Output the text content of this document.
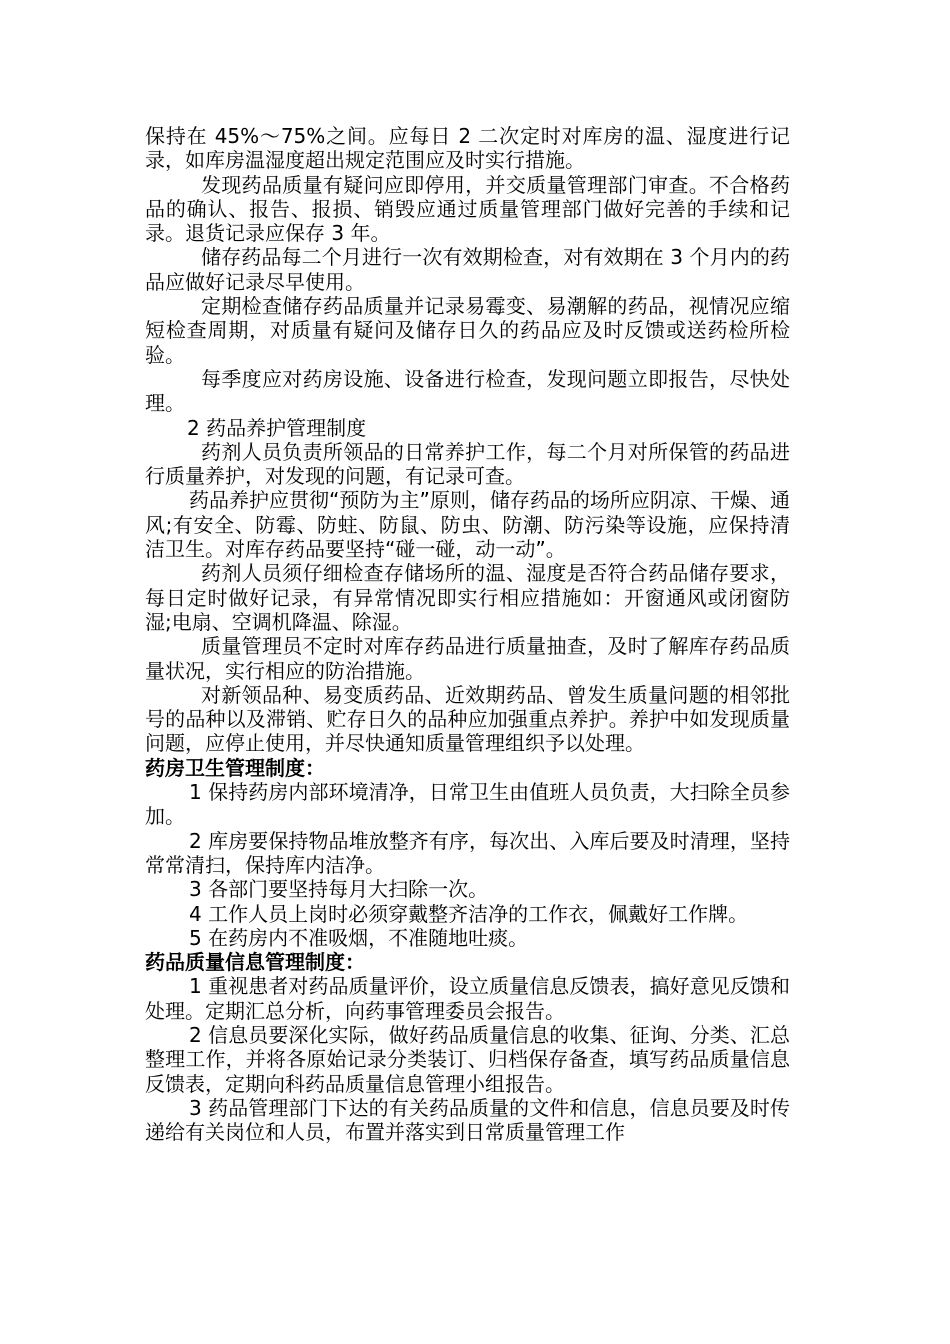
保持在 45%～75%之间。应每日 2 二次定时对库房的温、湿度进行记录，如库房温湿度超出规定范围应及时实行措施。

发现药品质量有疑问应即停用，并交质量管理部门审查。不合格药品的确认、报告、报损、销毁应通过质量管理部门做好完善的手续和记录。退货记录应保存 3 年。

储存药品每二个月进行一次有效期检查，对有效期在 3 个月内的药品应做好记录尽早使用。

定期检查储存药品质量并记录易霉变、易潮解的药品，视情况应缩短检查周期，对质量有疑问及储存日久的药品应及时反馈或送药检所检验。

每季度应对药房设施、设备进行检查，发现问题立即报告，尽快处理。

2 药品养护管理制度

药剂人员负责所领品的日常养护工作，每二个月对所保管的药品进行质量养护，对发现的问题，有记录可查。

药品养护应贯彻“预防为主”原则，储存药品的场所应阴凉、干燥、通风;有安全、防霉、防蛀、防鼠、防虫、防潮、防污染等设施，应保持清洁卫生。对库存药品要坚持“碰一碰，动一动”。

药剂人员须仔细检查存储场所的温、湿度是否符合药品储存要求，每日定时做好记录，有异常情况即实行相应措施如：开窗通风或闭窗防湿;电扇、空调机降温、除湿。

质量管理员不定时对库存药品进行质量抽查，及时了解库存药品质量状况，实行相应的防治措施。

对新领品种、易变质药品、近效期药品、曾发生质量问题的相邻批号的品种以及滞销、贮存日久的品种应加强重点养护。养护中如发现质量问题，应停止使用，并尽快通知质量管理组织予以处理。

药房卫生管理制度：

1 保持药房内部环境清净，日常卫生由值班人员负责，大扫除全员参加。

2 库房要保持物品堆放整齐有序，每次出、入库后要及时清理，坚持常常清扫，保持库内洁净。

3 各部门要坚持每月大扫除一次。

4 工作人员上岗时必须穿戴整齐洁净的工作衣，佩戴好工作牌。

5 在药房内不准吸烟，不准随地吐痰。

药品质量信息管理制度：

1 重视患者对药品质量评价，设立质量信息反馈表，搞好意见反馈和处理。定期汇总分析，向药事管理委员会报告。

2 信息员要深化实际，做好药品质量信息的收集、征询、分类、汇总整理工作，并将各原始记录分类装订、归档保存备查，填写药品质量信息反馈表，定期向科药品质量信息管理小组报告。

3 药品管理部门下达的有关药品质量的文件和信息，信息员要及时传递给有关岗位和人员，布置并落实到日常质量管理工作
